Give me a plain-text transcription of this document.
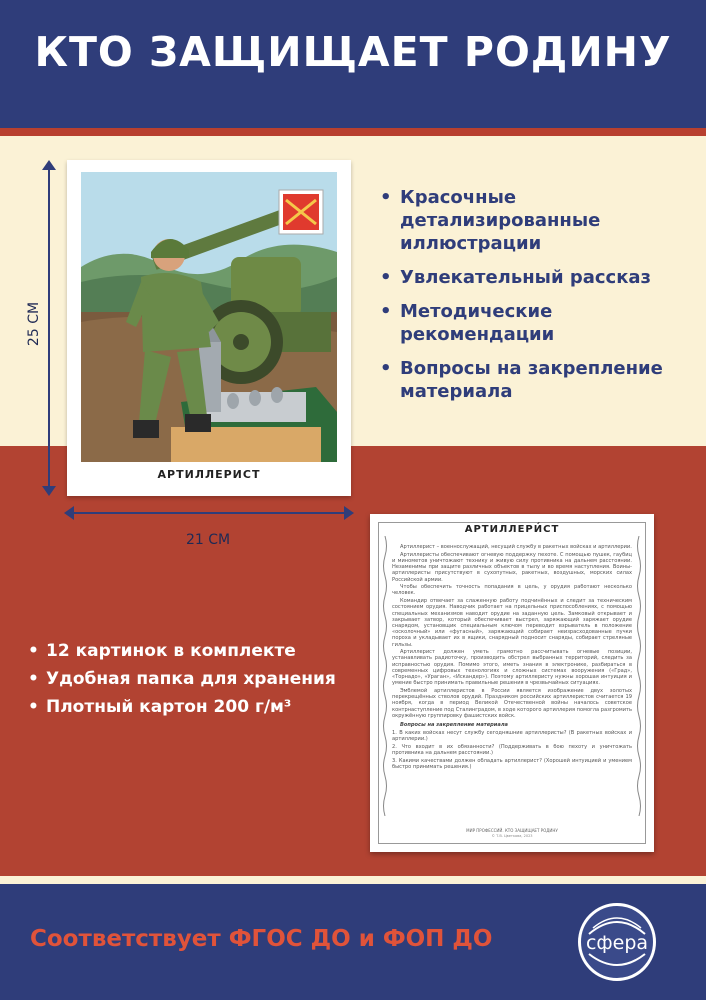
КТО ЗАЩИЩАЕТ РОДИНУ
25 СМ
21 СМ
АРТИЛЛЕРИСТ
• Красочные детализированные иллюстрации
• Увлекательный рассказ
• Методические рекомендации
• Вопросы на закрепление материала
• 12 картинок в комплекте
• Удобная папка для хранения
• Плотный картон 200 г/м³
АРТИЛЛЕРИ́СТ

Артиллерист – военнослужащий, несущий службу в ракетных войсках и артиллерии.

Артиллеристы обеспечивают огневую поддержку пехоте. С помощью пушек, гаубиц и минометов уничтожают технику и живую силу противника на дальнем расстоянии. Незаменимы при защите различных объектов в тылу и во время наступления. Воины-артиллеристы присутствуют в сухопутных, ракетных, воздушных, морских силах Российской армии.

Чтобы обеспечить точность попадания в цель, у орудия работают несколько человек.

Командир отвечает за слаженную работу подчинённых и следит за техническим состоянием орудия. Наводчик работает на прицельных приспособлениях, с помощью специальных механизмов наводит орудие на заданную цель. Замковый открывает и закрывает затвор, который обеспечивает выстрел, заряжающий заряжает орудие снарядом, установщик специальным ключом переводит взрыватель в положение «осколочный» или «фугасный», заряжающий собирает неизрасходованные пучки пороха и укладывает их в ящики, снарядный подносит снаряды, собирает стреляные гильзы.

Артиллерист должен уметь грамотно рассчитывать огневые позиции, устанавливать радиоточку, производить обстрел выбранных территорий, следить за исправностью орудия. Помимо этого, иметь знания в электронике, разбираться в современных цифровых технологиях и сложных системах вооружения («Град», «Торнадо», «Ураган», «Искандер»). Поэтому артиллеристу нужны хорошая интуиция и умение быстро принимать правильные решения в чрезвычайных ситуациях.

Эмблемой артиллеристов в России является изображение двух золотых перекрещённых стволов орудий. Праздником российских артиллеристов считается 19 ноября, когда в период Великой Отечественной войны началось советское контрнаступление под Сталинградом, в ходе которого артиллерия помогла разгромить окружённую группировку фашистских войск.

Вопросы на закрепление материала

1. В каких войсках несут службу сегодняшние артиллеристы? (В ракетных войсках и артиллерии.)

2. Что входит в их обязанности? (Поддерживать в бою пехоту и уничтожать противника на дальнем расстоянии.)

3. Какими качествами должен обладать артиллерист? (Хорошей интуицией и умением быстро принимать решения.)

МИР ПРОФЕССИЙ. КТО ЗАЩИЩАЕТ РОДИНУ
© Т.В. Цветкова, 2023
Соответствует ФГОС ДО и ФОП ДО	сфера
